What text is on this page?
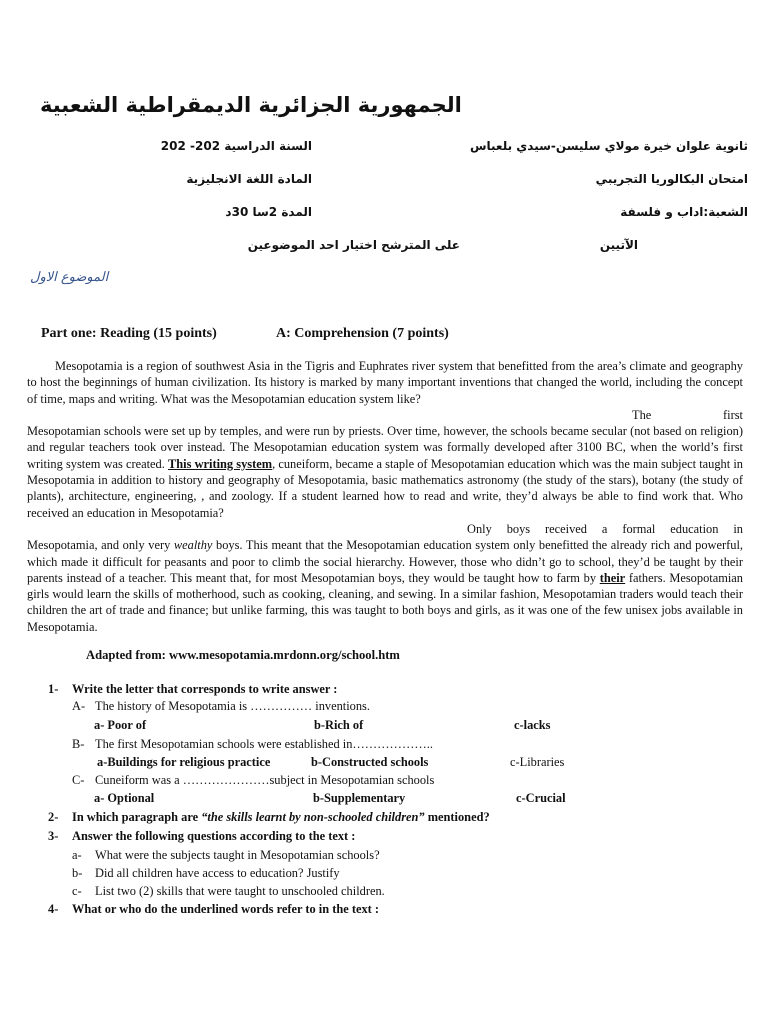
الجمهورية الجزائرية الديمقراطية الشعبية
ثانوية علوان خيرة مولاي سليسن-سيدي بلعباس
السنة الدراسية 202- 202
امتحان البكالوريا التجريبي
المادة اللغة الانجليزية
الشعبة:اداب و فلسفة
المدة 2سا 30د
الآتيين
على المترشح اختيار احد الموضوعين
الموضوع الاول
Part one: Reading (15 points)	A: Comprehension (7 points)

Mesopotamia is a region of southwest Asia in the Tigris and Euphrates river system that benefitted from the area’s climate and geography to host the beginnings of human civilization. Its history is marked by many important inventions that changed the world, including the concept of time, maps and writing. What was the Mesopotamian education system like?

The first Mesopotamian schools were set up by temples, and were run by priests. Over time, however, the schools became secular (not based on religion) and regular teachers took over instead. The Mesopotamian education system was formally developed after 3100 BC, when the world’s first writing system was created. This writing system, cuneiform, became a staple of Mesopotamian education which was the main subject taught in Mesopotamia in addition to history and geography of Mesopotamia, basic mathematics astronomy (the study of the stars), botany (the study of plants), architecture, engineering, , and zoology. If a student learned how to read and write, they’d always be able to find work that. Who received an education in Mesopotamia?

Only boys received a formal education in Mesopotamia, and only very wealthy boys. This meant that the Mesopotamian education system only benefitted the already rich and powerful, which made it difficult for peasants and poor to climb the social hierarchy. However, those who didn’t go to school, they’d be taught by their parents instead of a teacher. This meant that, for most Mesopotamian boys, they would be taught how to farm by their fathers. Mesopotamian girls would learn the skills of motherhood, such as cooking, cleaning, and sewing. In a similar fashion, Mesopotamian traders would teach their children the art of trade and finance; but unlike farming, this was taught to both boys and girls, as it was one of the few unisex jobs available in Mesopotamia.

Adapted from: www.mesopotamia.mrdonn.org/school.htm
1- Write the letter that corresponds to write answer :
A- The history of Mesopotamia is …………… inventions.
a- Poor of	b-Rich of	c-lacks
B- The first Mesopotamian schools were established in………………..
a-Buildings for religious practice	b-Constructed schools	c-Libraries
C- Cuneiform was a …………………subject in Mesopotamian schools
a- Optional	b-Supplementary	c-Crucial
2- In which paragraph are “the skills learnt by non-schooled children” mentioned?
3- Answer the following questions according to the text :
a- What were the subjects taught in Mesopotamian schools?
b- Did all children have access to education? Justify
c- List two (2) skills that were taught to unschooled children.
4- What or who do the underlined words refer to in the text :
